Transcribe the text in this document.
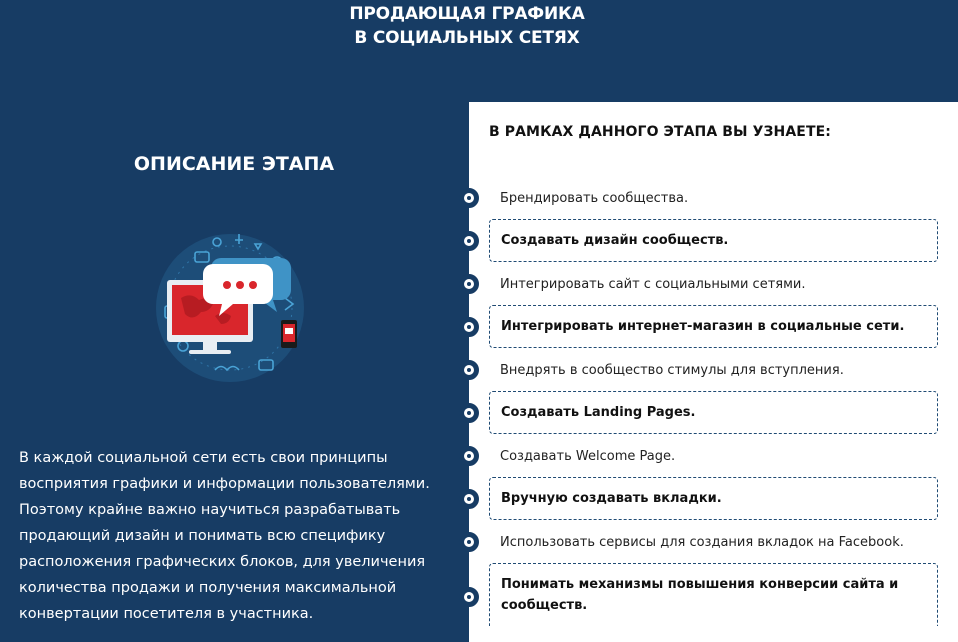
ПРОДАЮЩАЯ ГРАФИКА
В СОЦИАЛЬНЫХ СЕТЯХ
ОПИСАНИЕ ЭТАПА

В каждой социальной сети есть свои принципы восприятия графики и информации пользователями. Поэтому крайне важно научиться разрабатывать продающий дизайн и понимать всю специфику расположения графических блоков, для увеличения количества продажи и получения максимальной конвертации посетителя в участника.

В РАМКАХ ДАННОГО ЭТАПА ВЫ УЗНАЕТЕ:
Брендировать сообщества.
Создавать дизайн сообществ.
Интегрировать сайт с социальными сетями.
Интегрировать интернет-магазин в социальные сети.
Внедрять в сообщество стимулы для вступления.
Создавать Landing Pages.
Создавать Welcome Page.
Вручную создавать вкладки.
Использовать сервисы для создания вкладок на Facebook.
Понимать механизмы повышения конверсии сайта и сообществ.
